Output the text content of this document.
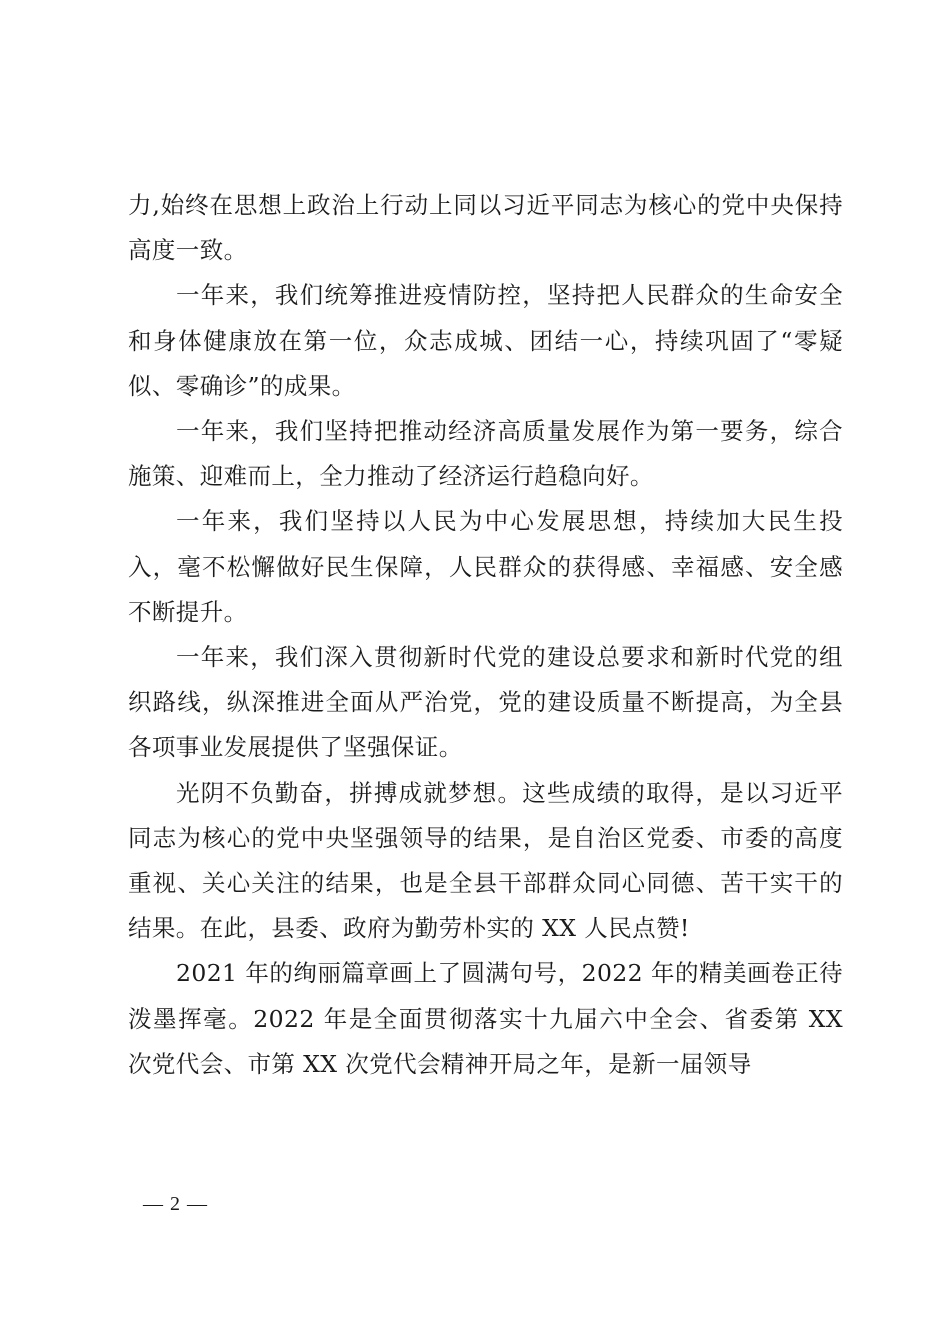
力,始终在思想上政治上行动上同以习近平同志为核心的党中央保持高度一致。

一年来，我们统筹推进疫情防控，坚持把人民群众的生命安全和身体健康放在第一位，众志成城、团结一心，持续巩固了“零疑似、零确诊”的成果。

一年来，我们坚持把推动经济高质量发展作为第一要务，综合施策、迎难而上，全力推动了经济运行趋稳向好。

一年来，我们坚持以人民为中心发展思想，持续加大民生投入，毫不松懈做好民生保障，人民群众的获得感、幸福感、安全感不断提升。

一年来，我们深入贯彻新时代党的建设总要求和新时代党的组织路线，纵深推进全面从严治党，党的建设质量不断提高，为全县各项事业发展提供了坚强保证。

光阴不负勤奋，拼搏成就梦想。这些成绩的取得，是以习近平同志为核心的党中央坚强领导的结果，是自治区党委、市委的高度重视、关心关注的结果，也是全县干部群众同心同德、苦干实干的结果。在此，县委、政府为勤劳朴实的 XX 人民点赞!

2021 年的绚丽篇章画上了圆满句号，2022 年的精美画卷正待泼墨挥毫。2022 年是全面贯彻落实十九届六中全会、省委第 XX 次党代会、市第 XX 次党代会精神开局之年，是新一届领导

— 2 —
